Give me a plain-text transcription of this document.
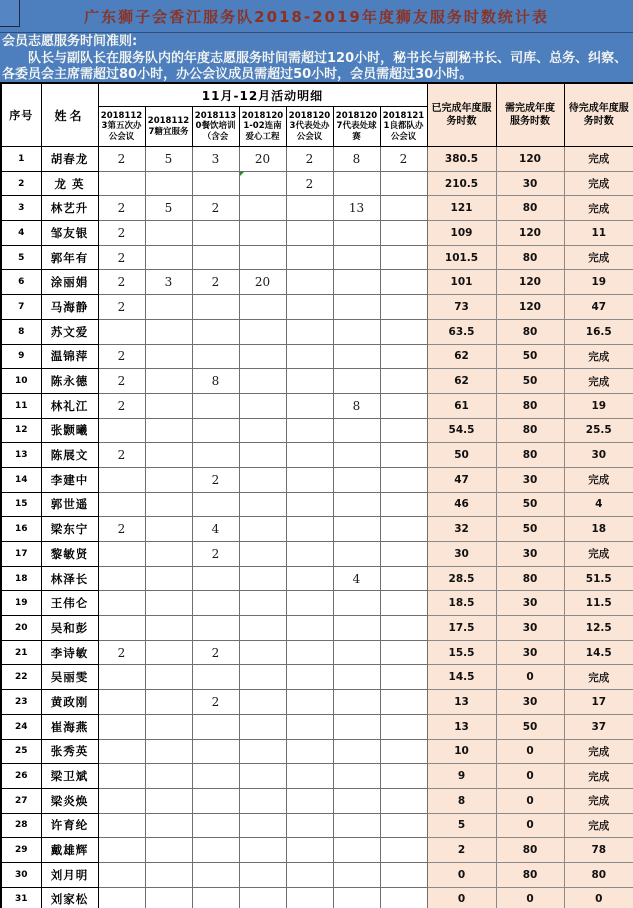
广东狮子会香江服务队2018-2019年度狮友服务时数统计表
会员志愿服务时间准则:
队长与副队长在服务队内的年度志愿服务时间需超过120小时，秘书长与副秘书长、司库、总务、纠察、各委员会主席需超过80小时，办公会议成员需超过50小时，会员需超过30小时。
序号	姓名	11月-12月活动明细							已完成年度服务时数	需完成年度服务时数	待完成年度服务时数
		20181123第五次办公会议	20181127糖宜服务	20181130餐饮培训（含会	20181201-02连南爱心工程	20181203代表处办公会议	20181207代表处球赛	20181211良都队办公会议			
1	胡春龙	2	5	3	20	2	8	2	380.5	120	完成
2	龙 英					2			210.5	30	完成
3	林艺升	2	5	2			13		121	80	完成
4	邹友银	2							109	120	11
5	郭年有	2							101.5	80	完成
6	涂丽娟	2	3	2	20				101	120	19
7	马海静	2							73	120	47
8	苏文爱								63.5	80	16.5
9	温锦萍	2							62	50	完成
10	陈永德	2		8					62	50	完成
11	林礼江	2					8		61	80	19
12	张颢曦								54.5	80	25.5
13	陈展文	2							50	80	30
14	李建中			2					47	30	完成
15	郭世遥								46	50	4
16	梁东宁	2		4					32	50	18
17	黎敏贤			2					30	30	完成
18	林泽长						4		28.5	80	51.5
19	王伟仑								18.5	30	11.5
20	吴和彭								17.5	30	12.5
21	李诗敏	2		2					15.5	30	14.5
22	吴丽雯								14.5	0	完成
23	黄政刚			2					13	30	17
24	崔海燕								13	50	37
25	张秀英								10	0	完成
26	梁卫斌								9	0	完成
27	梁炎焕								8	0	完成
28	许育纶								5	0	完成
29	戴雄辉								2	80	78
30	刘月明								0	80	80
31	刘家松								0	0	0
